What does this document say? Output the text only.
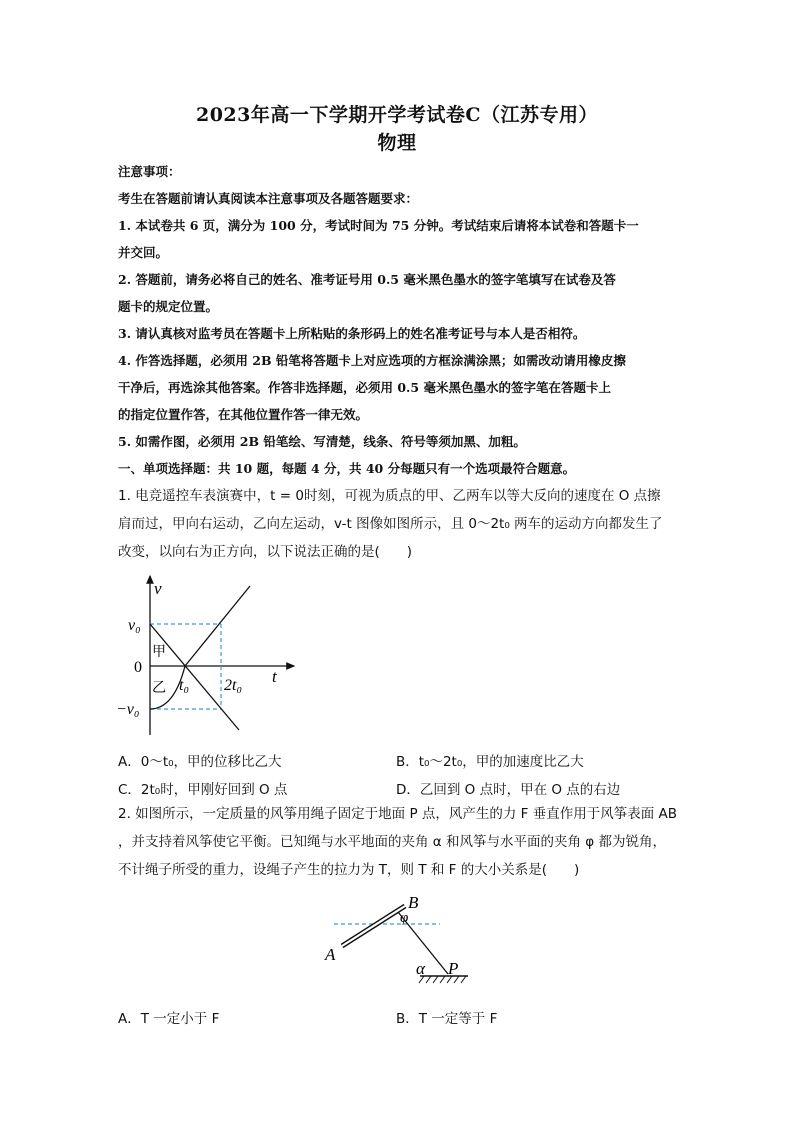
2023年高一下学期开学考试卷C（江苏专用）
物理

注意事项：

考生在答题前请认真阅读本注意事项及各题答题要求：

1. 本试卷共 6 页，满分为 100 分，考试时间为 75 分钟。考试结束后请将本试卷和答题卡一

并交回。

2. 答题前，请务必将自己的姓名、准考证号用 0.5 毫米黑色墨水的签字笔填写在试卷及答

题卡的规定位置。

3. 请认真核对监考员在答题卡上所粘贴的条形码上的姓名准考证号与本人是否相符。

4. 作答选择题，必须用 2B 铅笔将答题卡上对应选项的方框涂满涂黑；如需改动请用橡皮擦

干净后，再选涂其他答案。作答非选择题，必须用 0.5 毫米黑色墨水的签字笔在答题卡上

的指定位置作答，在其他位置作答一律无效。

5. 如需作图，必须用 2B 铅笔绘、写清楚，线条、符号等须加黑、加粗。

一、单项选择题：共 10 题，每题 4 分，共 40 分每题只有一个选项最符合题意。

1. 电竞遥控车表演赛中，t = 0时刻，可视为质点的甲、乙两车以等大反向的速度在 O 点擦

肩而过，甲向右运动，乙向左运动，v-t 图像如图所示，且 0～2t₀ 两车的运动方向都发生了

改变，以向右为正方向，以下说法正确的是(　　)

v
t
0
v₀
−v₀
t₀ 2t₀
甲
乙
A．0～t₀，甲的位移比乙大	B．t₀～2t₀，甲的加速度比乙大
C．2t₀时，甲刚好回到 O 点	D．乙回到 O 点时，甲在 O 点的右边

2. 如图所示，一定质量的风筝用绳子固定于地面 P 点，风产生的力 F 垂直作用于风筝表面 AB

，并支持着风筝使它平衡。已知绳与水平地面的夹角 α 和风筝与水平面的夹角 φ 都为锐角，

不计绳子所受的重力，设绳子产生的拉力为 T，则 T 和 F 的大小关系是(　　)

B
A
P
α
φ
A．T 一定小于 F	B．T 一定等于 F
